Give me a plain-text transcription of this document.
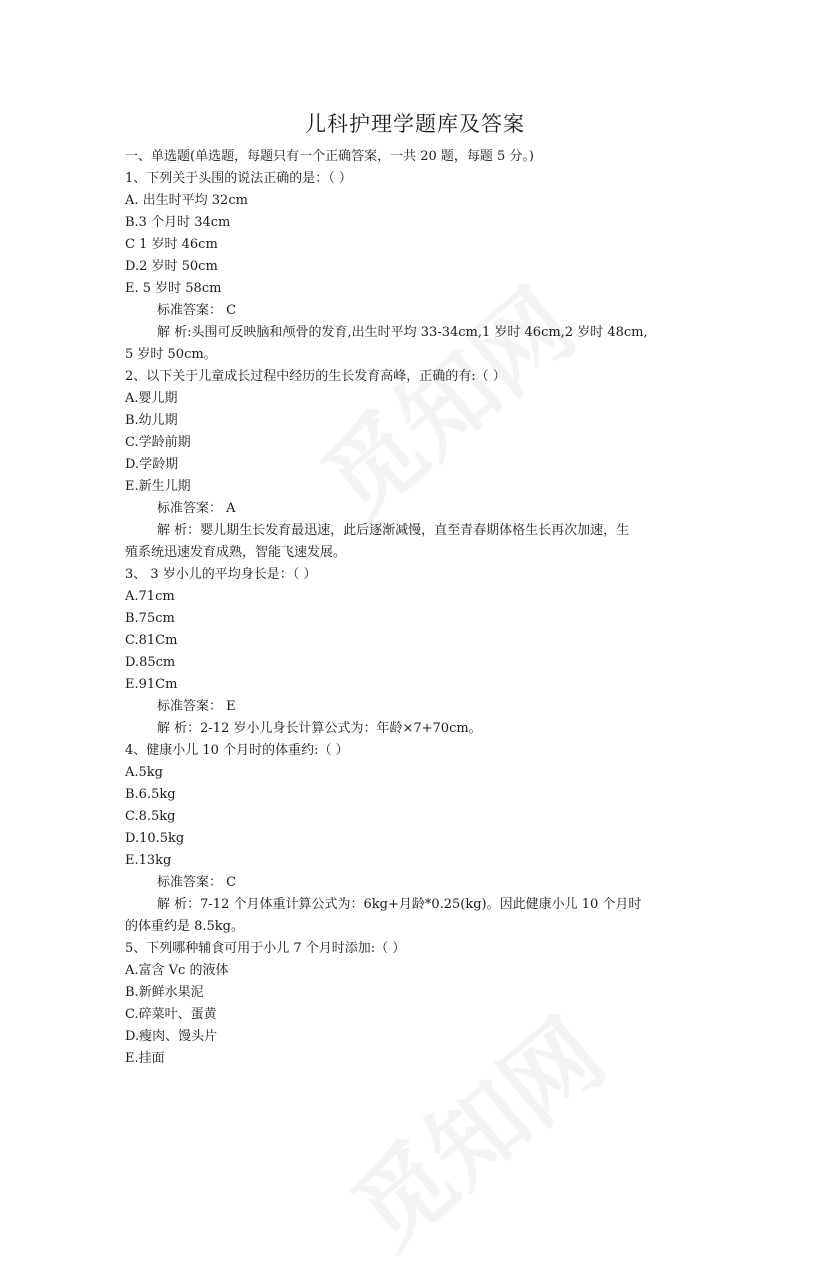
儿科护理学题库及答案
一、单选题(单选题，每题只有一个正确答案，一共 20 题，每题 5 分。)
1、下列关于头围的说法正确的是：（ ）
A. 出生时平均 32cm
B.3 个月时 34cm
C 1 岁时 46cm
D.2 岁时 50cm
E. 5 岁时 58cm
标准答案： C
解 析:头围可反映脑和颅骨的发育,出生时平均 33-34cm,1 岁时 46cm,2 岁时 48cm,
5 岁时 50cm。
2、以下关于儿童成长过程中经历的生长发育高峰，正确的有:（ ）
A.婴儿期
B.幼儿期
C.学龄前期
D.学龄期
E.新生儿期
标准答案： A
解 析：婴儿期生长发育最迅速，此后逐渐减慢，直至青春期体格生长再次加速，生
殖系统迅速发育成熟，智能飞速发展。
3、 3 岁小儿的平均身长是：（ ）
A.71cm
B.75cm
C.81Cm
D.85cm
E.91Cm
标准答案： E
解 析：2-12 岁小儿身长计算公式为：年龄×7+70cm。
4、健康小儿 10 个月时的体重约:（ ）
A.5kg
B.6.5kg
C.8.5kg
D.10.5kg
E.13kg
标准答案： C
解 析：7-12 个月体重计算公式为：6kg+月龄*0.25(kg)。因此健康小儿 10 个月时
的体重约是 8.5kg。
5、下列哪种辅食可用于小儿 7 个月时添加:（ ）
A.富含 Vc 的液体
B.新鲜水果泥
C.碎菜叶、蛋黄
D.瘦肉、馒头片
E.挂面
